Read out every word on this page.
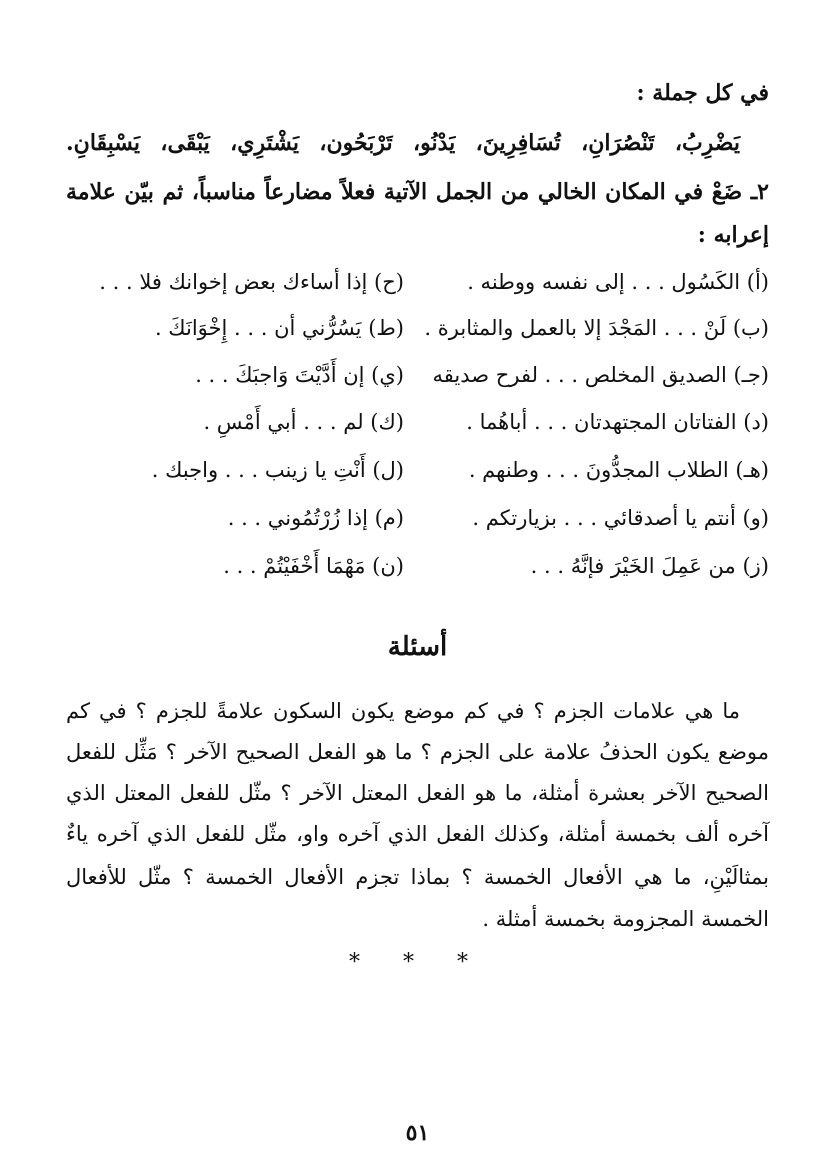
في كل جملة :
يَضْرِبُ، تَنْصُرَانِ، تُسَافِرِينَ، يَدْنُو، تَرْبَحُون، يَشْتَرِي، يَبْقَى، يَسْبِقَانِ.
٢ـ ضَعْ في المكان الخالي من الجمل الآتية فعلاً مضارعاً مناسباً، ثم بيّن علامة
إعرابه :
(أ) الكَسُول . . . إلى نفسه ووطنه .
(ح) إذا أساءك بعض إخوانك فلا . . .
(ب) لَنْ . . . المَجْدَ إلا بالعمل والمثابرة .
(ط) يَسُرُّني أن . . . إِخْوَانَكَ .
(جـ) الصديق المخلص . . . لفرح صديقه
(ي) إن أَدَّيْتَ وَاجبَكَ . . .
(د) الفتاتان المجتهدتان . . . أباهُما .
(ك) لم . . . أبي أَمْسِ .
(هـ) الطلاب المجدُّونَ . . . وطنهم .
(ل) أَنْتِ يا زينب . . . واجبك .
(و) أنتم يا أصدقائي . . . بزيارتكم .
(م) إذا زُرْتُمُوني . . .
(ز) من عَمِلَ الخَيْرَ فإنَّهُ . . .
(ن) مَهْمَا أَخْفَيْتُمْ . . .
أسئلة
ما هي علامات الجزم ؟ في كم موضع يكون السكون علامةً للجزم ؟ في كم
موضع يكون الحذفُ علامة على الجزم ؟ ما هو الفعل الصحيح الآخر ؟ مَثِّل للفعل
الصحيح الآخر بعشرة أمثلة، ما هو الفعل المعتل الآخر ؟ مثّل للفعل المعتل الذي
آخره ألف بخمسة أمثلة، وكذلك الفعل الذي آخره واو، مثّل للفعل الذي آخره ياءٌ
بمثالَيْنِ، ما هي الأفعال الخمسة ؟ بماذا تجزم الأفعال الخمسة ؟ مثّل للأفعال
الخمسة المجزومة بخمسة أمثلة .
* * *
٥١
